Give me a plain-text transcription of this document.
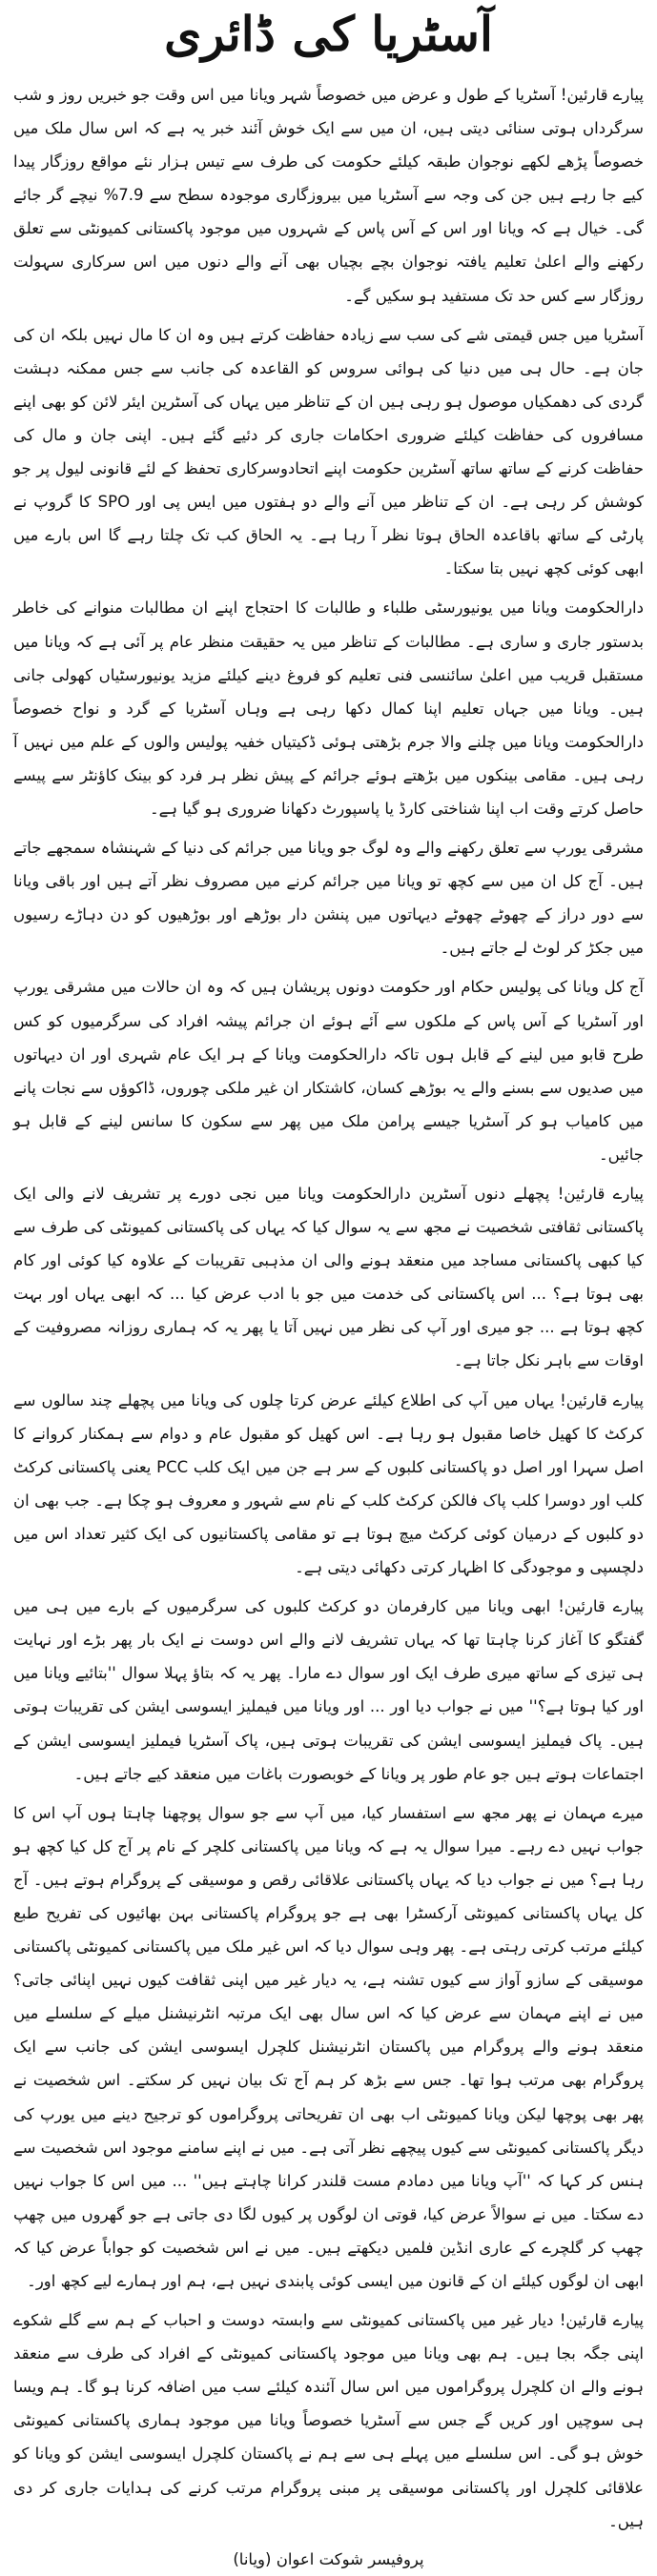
آسٹریا کی ڈائری

پیارے قارئین! آسٹریا کے طول و عرض میں خصوصاً شہر ویانا میں اس وقت جو خبریں روز و شب سرگرداں ہوتی سنائی دیتی ہیں، ان میں سے ایک خوش آئند خبر یہ ہے کہ اس سال ملک میں خصوصاً پڑھے لکھے نوجوان طبقہ کیلئے حکومت کی طرف سے تیس ہزار نئے مواقع روزگار پیدا کیے جا رہے ہیں جن کی وجہ سے آسٹریا میں بیروزگاری موجودہ سطح سے 7.9% نیچے گر جائے گی۔ خیال ہے کہ ویانا اور اس کے آس پاس کے شہروں میں موجود پاکستانی کمیونٹی سے تعلق رکھنے والے اعلیٰ تعلیم یافتہ نوجوان بچے بچیاں بھی آنے والے دنوں میں اس سرکاری سہولت روزگار سے کس حد تک مستفید ہو سکیں گے۔

آسٹریا میں جس قیمتی شے کی سب سے زیادہ حفاظت کرتے ہیں وہ ان کا مال نہیں بلکہ ان کی جان ہے۔ حال ہی میں دنیا کی ہوائی سروس کو القاعدہ کی جانب سے جس ممکنہ دہشت گردی کی دھمکیاں موصول ہو رہی ہیں ان کے تناظر میں یہاں کی آسٹرین ایئر لائن کو بھی اپنے مسافروں کی حفاظت کیلئے ضروری احکامات جاری کر دئیے گئے ہیں۔ اپنی جان و مال کی حفاظت کرنے کے ساتھ ساتھ آسٹرین حکومت اپنے اتحادوسرکاری تحفظ کے لئے قانونی لیول پر جو کوشش کر رہی ہے۔ ان کے تناظر میں آنے والے دو ہفتوں میں ایس پی اور SPO کا گروپ نے پارٹی کے ساتھ باقاعدہ الحاق ہوتا نظر آ رہا ہے۔ یہ الحاق کب تک چلتا رہے گا اس بارے میں ابھی کوئی کچھ نہیں بتا سکتا۔

دارالحکومت ویانا میں یونیورسٹی طلباء و طالبات کا احتجاج اپنے ان مطالبات منوانے کی خاطر بدستور جاری و ساری ہے۔ مطالبات کے تناظر میں یہ حقیقت منظر عام پر آئی ہے کہ ویانا میں مستقبل قریب میں اعلیٰ سائنسی فنی تعلیم کو فروغ دینے کیلئے مزید یونیورسٹیاں کھولی جانی ہیں۔ ویانا میں جہاں تعلیم اپنا کمال دکھا رہی ہے وہاں آسٹریا کے گرد و نواح خصوصاً دارالحکومت ویانا میں چلنے والا جرم بڑھتی ہوئی ڈکیتیاں خفیہ پولیس والوں کے علم میں نہیں آ رہی ہیں۔ مقامی بینکوں میں بڑھتے ہوئے جرائم کے پیش نظر ہر فرد کو بینک کاؤنٹر سے پیسے حاصل کرتے وقت اب اپنا شناختی کارڈ یا پاسپورٹ دکھانا ضروری ہو گیا ہے۔

مشرقی یورپ سے تعلق رکھنے والے وہ لوگ جو ویانا میں جرائم کی دنیا کے شہنشاہ سمجھے جاتے ہیں۔ آج کل ان میں سے کچھ تو ویانا میں جرائم کرنے میں مصروف نظر آتے ہیں اور باقی ویانا سے دور دراز کے چھوٹے چھوٹے دیہاتوں میں پنشن دار بوڑھے اور بوڑھیوں کو دن دہاڑے رسیوں میں جکڑ کر لوٹ لے جاتے ہیں۔

آج کل ویانا کی پولیس حکام اور حکومت دونوں پریشان ہیں کہ وہ ان حالات میں مشرقی یورپ اور آسٹریا کے آس پاس کے ملکوں سے آئے ہوئے ان جرائم پیشہ افراد کی سرگرمیوں کو کس طرح قابو میں لینے کے قابل ہوں تاکہ دارالحکومت ویانا کے ہر ایک عام شہری اور ان دیہاتوں میں صدیوں سے بسنے والے یہ بوڑھے کسان، کاشتکار ان غیر ملکی چوروں، ڈاکوؤں سے نجات پانے میں کامیاب ہو کر آسٹریا جیسے پرامن ملک میں پھر سے سکون کا سانس لینے کے قابل ہو جائیں۔

پیارے قارئین! پچھلے دنوں آسٹرین دارالحکومت ویانا میں نجی دورے پر تشریف لانے والی ایک پاکستانی ثقافتی شخصیت نے مجھ سے یہ سوال کیا کہ یہاں کی پاکستانی کمیونٹی کی طرف سے کیا کبھی پاکستانی مساجد میں منعقد ہونے والی ان مذہبی تقریبات کے علاوہ کیا کوئی اور کام بھی ہوتا ہے؟ ... اس پاکستانی کی خدمت میں جو با ادب عرض کیا ... کہ ابھی یہاں اور بہت کچھ ہوتا ہے ... جو میری اور آپ کی نظر میں نہیں آتا یا پھر یہ کہ ہماری روزانہ مصروفیت کے اوقات سے باہر نکل جاتا ہے۔

پیارے قارئین! یہاں میں آپ کی اطلاع کیلئے عرض کرتا چلوں کی ویانا میں پچھلے چند سالوں سے کرکٹ کا کھیل خاصا مقبول ہو رہا ہے۔ اس کھیل کو مقبول عام و دوام سے ہمکنار کروانے کا اصل سہرا اور اصل دو پاکستانی کلبوں کے سر ہے جن میں ایک کلب PCC یعنی پاکستانی کرکٹ کلب اور دوسرا کلب پاک فالکن کرکٹ کلب کے نام سے شہور و معروف ہو چکا ہے۔ جب بھی ان دو کلبوں کے درمیان کوئی کرکٹ میچ ہوتا ہے تو مقامی پاکستانیوں کی ایک کثیر تعداد اس میں دلچسپی و موجودگی کا اظہار کرتی دکھائی دیتی ہے۔

پیارے قارئین! ابھی ویانا میں کارفرمان دو کرکٹ کلبوں کی سرگرمیوں کے بارے میں ہی میں گفتگو کا آغاز کرنا چاہتا تھا کہ یہاں تشریف لانے والے اس دوست نے ایک بار پھر بڑے اور نہایت ہی تیزی کے ساتھ میری طرف ایک اور سوال دے مارا۔ پھر یہ کہ بتاؤ پہلا سوال ''بتائیے ویانا میں اور کیا ہوتا ہے؟'' میں نے جواب دیا اور ... اور ویانا میں فیملیز ایسوسی ایشن کی تقریبات ہوتی ہیں۔ پاک فیملیز ایسوسی ایشن کی تقریبات ہوتی ہیں، پاک آسٹریا فیملیز ایسوسی ایشن کے اجتماعات ہوتے ہیں جو عام طور پر ویانا کے خوبصورت باغات میں منعقد کیے جاتے ہیں۔

میرے مہمان نے پھر مجھ سے استفسار کیا، میں آپ سے جو سوال پوچھنا چاہتا ہوں آپ اس کا جواب نہیں دے رہے۔ میرا سوال یہ ہے کہ ویانا میں پاکستانی کلچر کے نام پر آج کل کیا کچھ ہو رہا ہے؟ میں نے جواب دیا کہ یہاں پاکستانی علاقائی رقص و موسیقی کے پروگرام ہوتے ہیں۔ آج کل یہاں پاکستانی کمیونٹی آرکسٹرا بھی ہے جو پروگرام پاکستانی بہن بھائیوں کی تفریح طبع کیلئے مرتب کرتی رہتی ہے۔ پھر وہی سوال دیا کہ اس غیر ملک میں پاکستانی کمیونٹی پاکستانی موسیقی کے سازو آواز سے کیوں تشنہ ہے، یہ دیار غیر میں اپنی ثقافت کیوں نہیں اپنائی جاتی؟ میں نے اپنے مہمان سے عرض کیا کہ اس سال بھی ایک مرتبہ انٹرنیشنل میلے کے سلسلے میں منعقد ہونے والے پروگرام میں پاکستان انٹرنیشنل کلچرل ایسوسی ایشن کی جانب سے ایک پروگرام بھی مرتب ہوا تھا۔ جس سے بڑھ کر ہم آج تک بیان نہیں کر سکتے۔ اس شخصیت نے پھر بھی پوچھا لیکن ویانا کمیونٹی اب بھی ان تفریحاتی پروگراموں کو ترجیح دینے میں یورپ کی دیگر پاکستانی کمیونٹی سے کیوں پیچھے نظر آتی ہے۔ میں نے اپنے سامنے موجود اس شخصیت سے ہنس کر کہا کہ ''آپ ویانا میں دمادم مست قلندر کرانا چاہتے ہیں'' ... میں اس کا جواب نہیں دے سکتا۔ میں نے سوالاً عرض کیا، قوتی ان لوگوں پر کیوں لگا دی جاتی ہے جو گھروں میں چھپ چھپ کر گلچرے کے عاری انڈین فلمیں دیکھتے ہیں۔ میں نے اس شخصیت کو جواباً عرض کیا کہ ابھی ان لوگوں کیلئے ان کے قانون میں ایسی کوئی پابندی نہیں ہے، ہم اور ہمارے لیے کچھ اور۔

پیارے قارئین! دیار غیر میں پاکستانی کمیونٹی سے وابستہ دوست و احباب کے ہم سے گلے شکوے اپنی جگہ بجا ہیں۔ ہم بھی ویانا میں موجود پاکستانی کمیونٹی کے افراد کی طرف سے منعقد ہونے والے ان کلچرل پروگراموں میں اس سال آئندہ کیلئے سب میں اضافہ کرنا ہو گا۔ ہم ویسا ہی سوچیں اور کریں گے جس سے آسٹریا خصوصاً ویانا میں موجود ہماری پاکستانی کمیونٹی خوش ہو گی۔ اس سلسلے میں پہلے ہی سے ہم نے پاکستان کلچرل ایسوسی ایشن کو ویانا کو علاقائی کلچرل اور پاکستانی موسیقی پر مبنی پروگرام مرتب کرنے کی ہدایات جاری کر دی ہیں۔

پروفیسر شوکت اعوان (ویانا)
